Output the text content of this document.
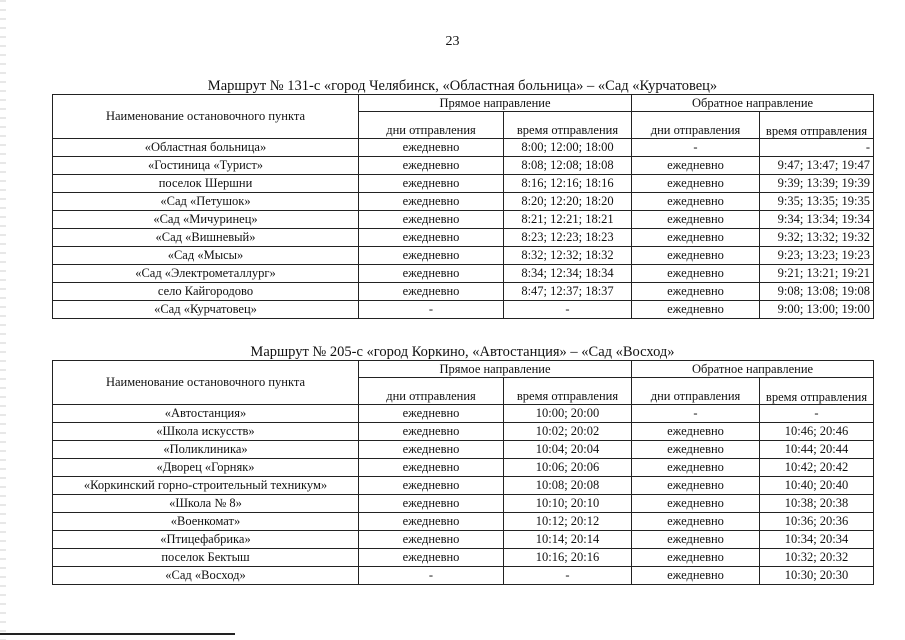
23
Маршрут № 131-с «город Челябинск, «Областная больница» – «Сад «Курчатовец»
Наименование остановочного пункта	Прямое направление		Обратное направление	
	дни отправления	время отправления	дни отправления	время отправления
«Областная больница»	ежедневно	8:00; 12:00; 18:00	-	-
«Гостиница «Турист»	ежедневно	8:08; 12:08; 18:08	ежедневно	9:47; 13:47; 19:47
поселок Шершни	ежедневно	8:16; 12:16; 18:16	ежедневно	9:39; 13:39; 19:39
«Сад «Петушок»	ежедневно	8:20; 12:20; 18:20	ежедневно	9:35; 13:35; 19:35
«Сад «Мичуринец»	ежедневно	8:21; 12:21; 18:21	ежедневно	9:34; 13:34; 19:34
«Сад «Вишневый»	ежедневно	8:23; 12:23; 18:23	ежедневно	9:32; 13:32; 19:32
«Сад «Мысы»	ежедневно	8:32; 12:32; 18:32	ежедневно	9:23; 13:23; 19:23
«Сад «Электрометаллург»	ежедневно	8:34; 12:34; 18:34	ежедневно	9:21; 13:21; 19:21
село Кайгородово	ежедневно	8:47; 12:37; 18:37	ежедневно	9:08; 13:08; 19:08
«Сад «Курчатовец»	-	-	ежедневно	9:00; 13:00; 19:00
Маршрут № 205-с «город Коркино, «Автостанция» – «Сад «Восход»
Наименование остановочного пункта	Прямое направление		Обратное направление	
	дни отправления	время отправления	дни отправления	время отправления
«Автостанция»	ежедневно	10:00; 20:00	-	-
«Школа искусств»	ежедневно	10:02; 20:02	ежедневно	10:46; 20:46
«Поликлиника»	ежедневно	10:04; 20:04	ежедневно	10:44; 20:44
«Дворец «Горняк»	ежедневно	10:06; 20:06	ежедневно	10:42; 20:42
«Коркинский горно-строительный техникум»	ежедневно	10:08; 20:08	ежедневно	10:40; 20:40
«Школа № 8»	ежедневно	10:10; 20:10	ежедневно	10:38; 20:38
«Военкомат»	ежедневно	10:12; 20:12	ежедневно	10:36; 20:36
«Птицефабрика»	ежедневно	10:14; 20:14	ежедневно	10:34; 20:34
поселок Бектыш	ежедневно	10:16; 20:16	ежедневно	10:32; 20:32
«Сад «Восход»	-	-	ежедневно	10:30; 20:30
